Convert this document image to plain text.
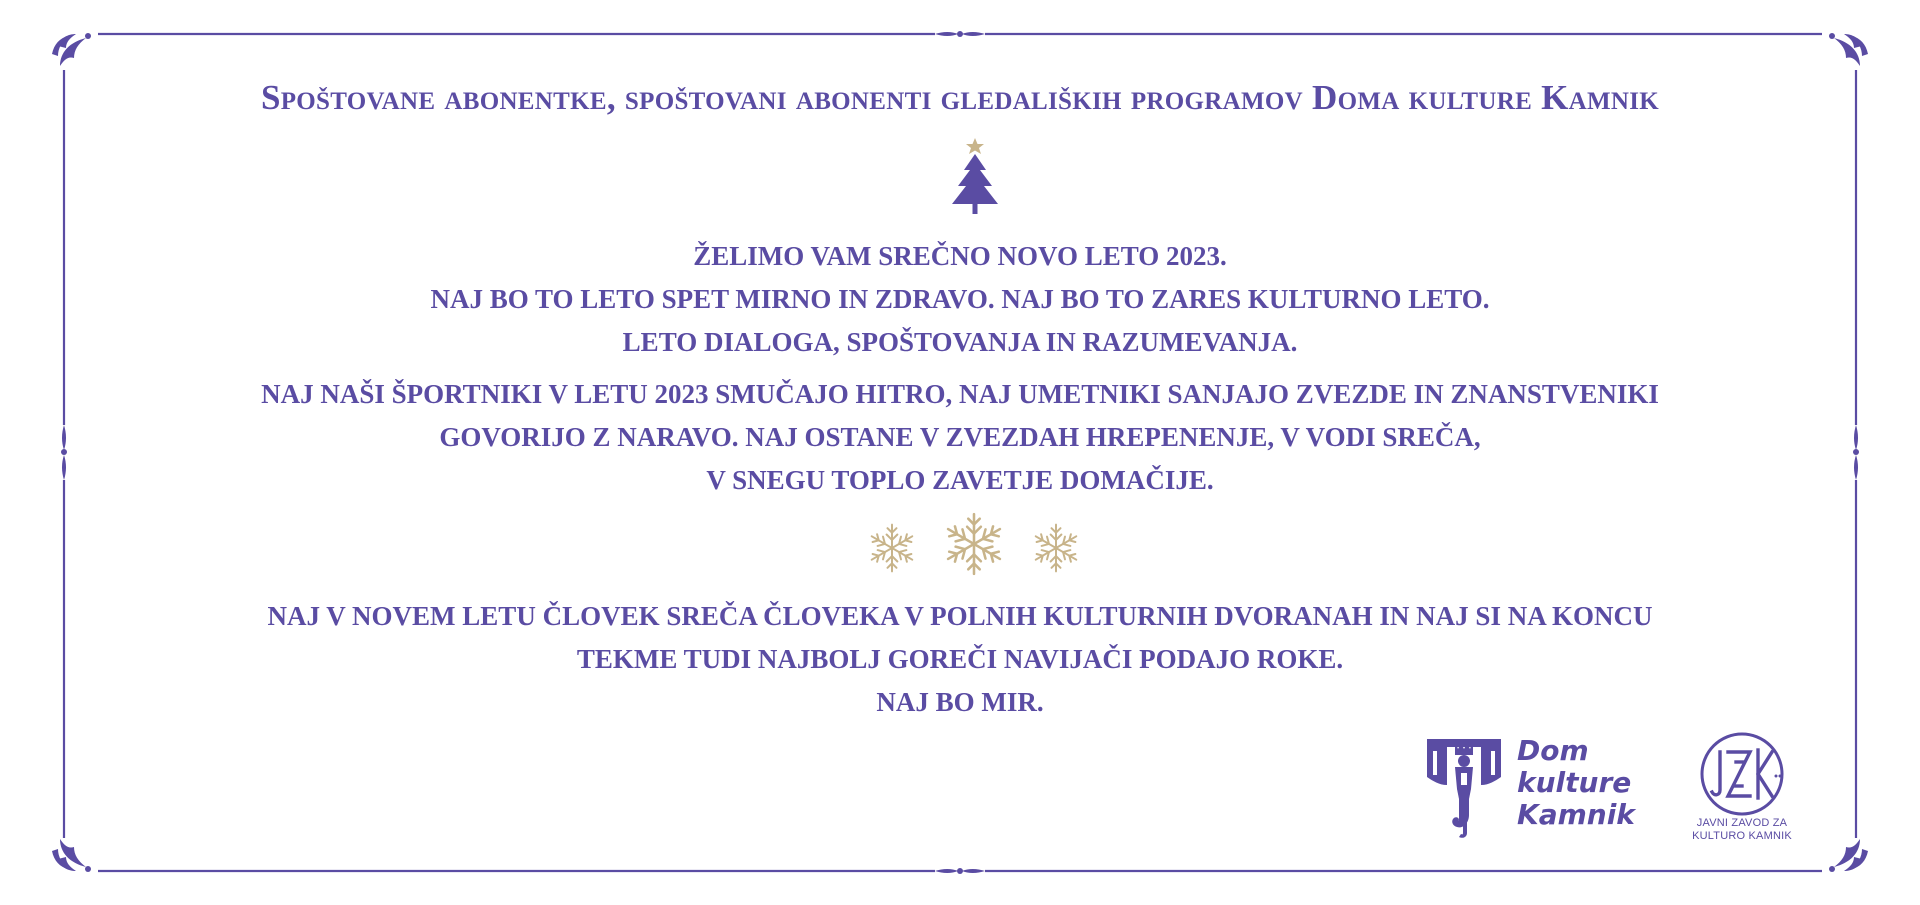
Spoštovane abonentke, spoštovani abonenti gledaliških programov Doma kulture Kamnik

ŽELIMO VAM SREČNO NOVO LETO 2023.
NAJ BO TO LETO SPET MIRNO IN ZDRAVO. NAJ BO TO ZARES KULTURNO LETO.
LETO DIALOGA, SPOŠTOVANJA IN RAZUMEVANJA.

NAJ NAŠI ŠPORTNIKI V LETU 2023 SMUČAJO HITRO, NAJ UMETNIKI SANJAJO ZVEZDE IN ZNANSTVENIKI
GOVORIJO Z NARAVO. NAJ OSTANE V ZVEZDAH HREPENENJE, V VODI SREČA,
V SNEGU TOPLO ZAVETJE DOMAČIJE.

NAJ V NOVEM LETU ČLOVEK SREČA ČLOVEKA V POLNIH KULTURNIH DVORANAH IN NAJ SI NA KONCU
TEKME TUDI NAJBOLJ GOREČI NAVIJAČI PODAJO ROKE.
NAJ BO MIR.

Dom
kulture
Kamnik	JAVNI ZAVOD ZA
KULTURO KAMNIK
